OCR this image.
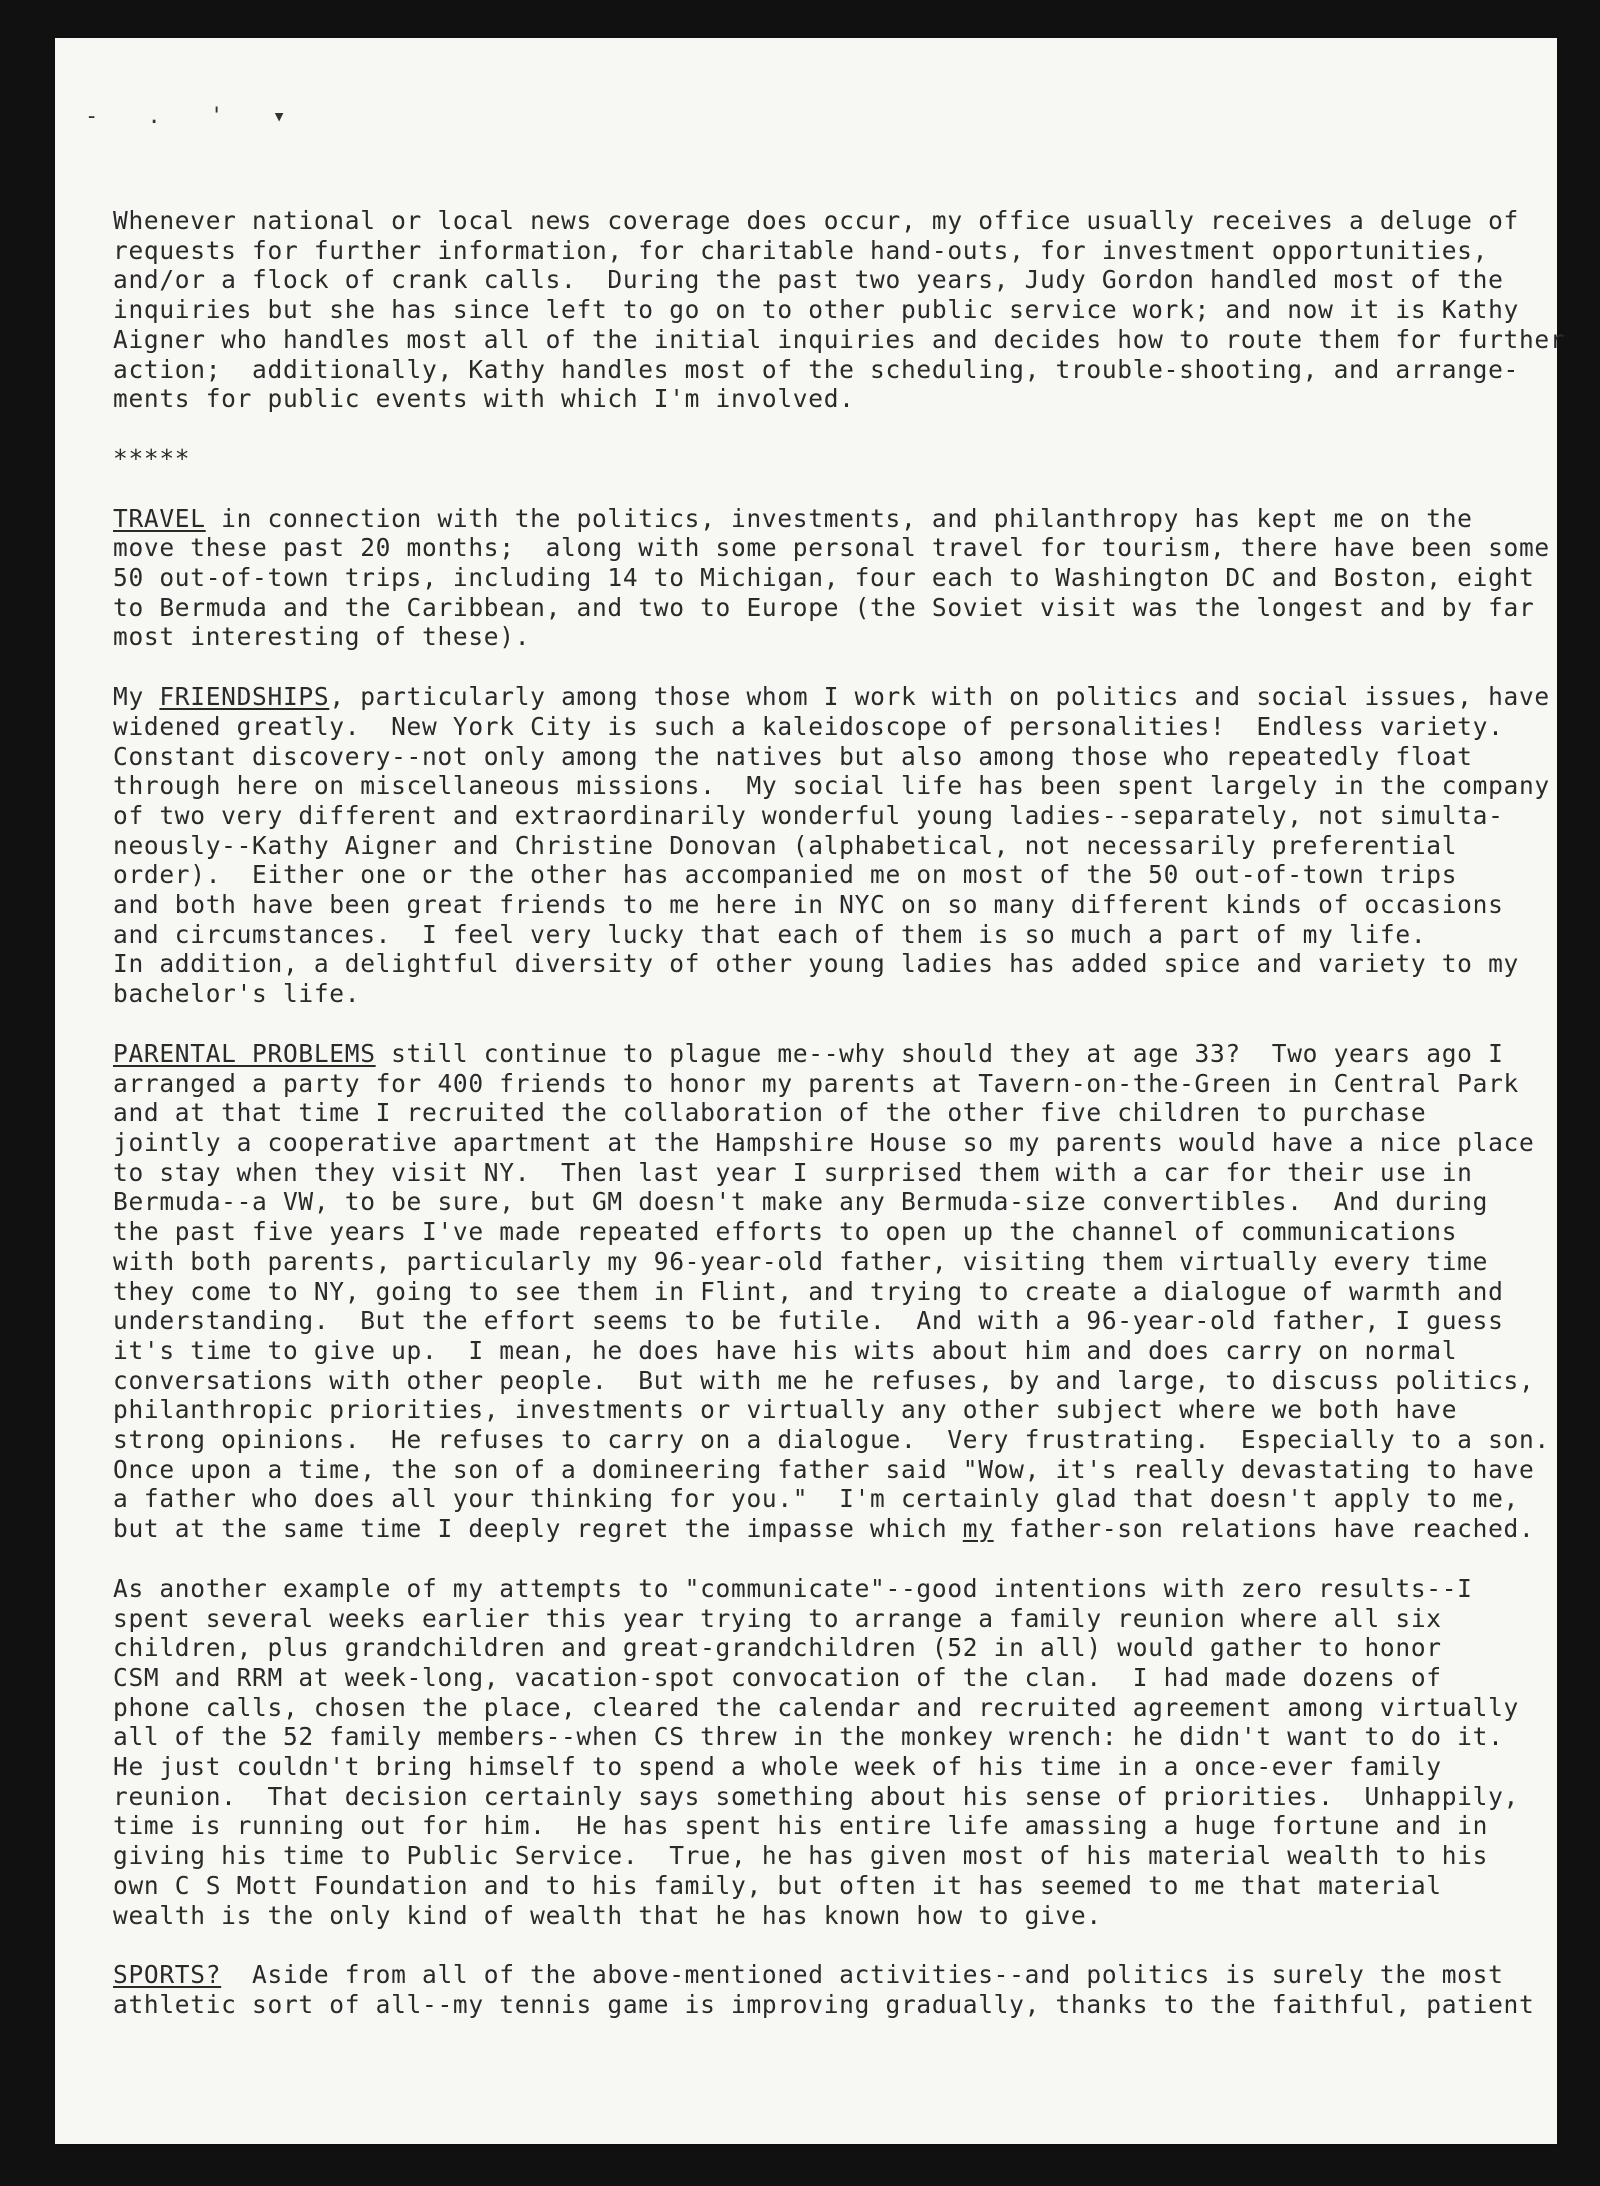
- . ' ▾
Whenever national or local news coverage does occur, my office usually receives a deluge of
requests for further information, for charitable hand-outs, for investment opportunities,
and/or a flock of crank calls.  During the past two years, Judy Gordon handled most of the
inquiries but she has since left to go on to other public service work; and now it is Kathy
Aigner who handles most all of the initial inquiries and decides how to route them for further
action;  additionally, Kathy handles most of the scheduling, trouble-shooting, and arrange-
ments for public events with which I'm involved.
*****
TRAVEL in connection with the politics, investments, and philanthropy has kept me on the
move these past 20 months;  along with some personal travel for tourism, there have been some
50 out-of-town trips, including 14 to Michigan, four each to Washington DC and Boston, eight
to Bermuda and the Caribbean, and two to Europe (the Soviet visit was the longest and by far
most interesting of these).
My FRIENDSHIPS, particularly among those whom I work with on politics and social issues, have
widened greatly.  New York City is such a kaleidoscope of personalities!  Endless variety.
Constant discovery--not only among the natives but also among those who repeatedly float
through here on miscellaneous missions.  My social life has been spent largely in the company
of two very different and extraordinarily wonderful young ladies--separately, not simulta-
neously--Kathy Aigner and Christine Donovan (alphabetical, not necessarily preferential
order).  Either one or the other has accompanied me on most of the 50 out-of-town trips
and both have been great friends to me here in NYC on so many different kinds of occasions
and circumstances.  I feel very lucky that each of them is so much a part of my life.
In addition, a delightful diversity of other young ladies has added spice and variety to my
bachelor's life.
PARENTAL PROBLEMS still continue to plague me--why should they at age 33?  Two years ago I
arranged a party for 400 friends to honor my parents at Tavern-on-the-Green in Central Park
and at that time I recruited the collaboration of the other five children to purchase
jointly a cooperative apartment at the Hampshire House so my parents would have a nice place
to stay when they visit NY.  Then last year I surprised them with a car for their use in
Bermuda--a VW, to be sure, but GM doesn't make any Bermuda-size convertibles.  And during
the past five years I've made repeated efforts to open up the channel of communications
with both parents, particularly my 96-year-old father, visiting them virtually every time
they come to NY, going to see them in Flint, and trying to create a dialogue of warmth and
understanding.  But the effort seems to be futile.  And with a 96-year-old father, I guess
it's time to give up.  I mean, he does have his wits about him and does carry on normal
conversations with other people.  But with me he refuses, by and large, to discuss politics,
philanthropic priorities, investments or virtually any other subject where we both have
strong opinions.  He refuses to carry on a dialogue.  Very frustrating.  Especially to a son.
Once upon a time, the son of a domineering father said "Wow, it's really devastating to have
a father who does all your thinking for you."  I'm certainly glad that doesn't apply to me,
but at the same time I deeply regret the impasse which my father-son relations have reached.
As another example of my attempts to "communicate"--good intentions with zero results--I
spent several weeks earlier this year trying to arrange a family reunion where all six
children, plus grandchildren and great-grandchildren (52 in all) would gather to honor
CSM and RRM at week-long, vacation-spot convocation of the clan.  I had made dozens of
phone calls, chosen the place, cleared the calendar and recruited agreement among virtually
all of the 52 family members--when CS threw in the monkey wrench: he didn't want to do it.
He just couldn't bring himself to spend a whole week of his time in a once-ever family
reunion.  That decision certainly says something about his sense of priorities.  Unhappily,
time is running out for him.  He has spent his entire life amassing a huge fortune and in
giving his time to Public Service.  True, he has given most of his material wealth to his
own C S Mott Foundation and to his family, but often it has seemed to me that material
wealth is the only kind of wealth that he has known how to give.
SPORTS?  Aside from all of the above-mentioned activities--and politics is surely the most
athletic sort of all--my tennis game is improving gradually, thanks to the faithful, patient
